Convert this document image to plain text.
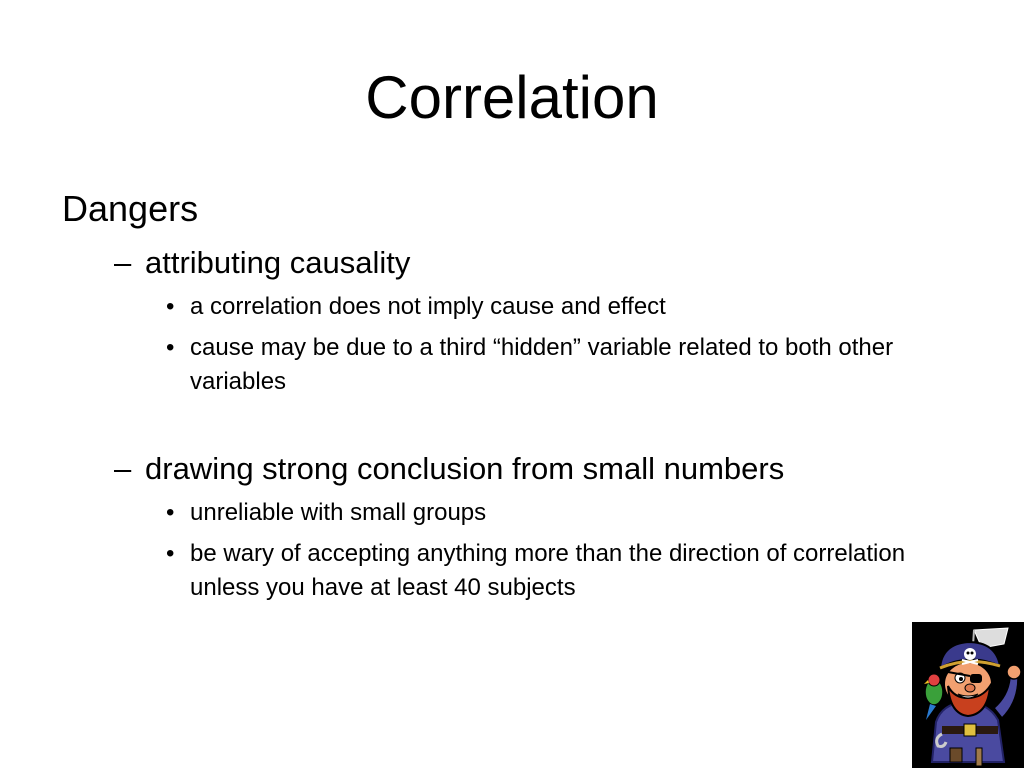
Correlation
Dangers
– attributing causality
• a correlation does not imply cause and effect
• cause may be due to a third “hidden” variable related to both other variables
– drawing strong conclusion from small numbers
• unreliable with small groups
• be wary of accepting anything more than the direction of correlation unless you have at least 40 subjects
